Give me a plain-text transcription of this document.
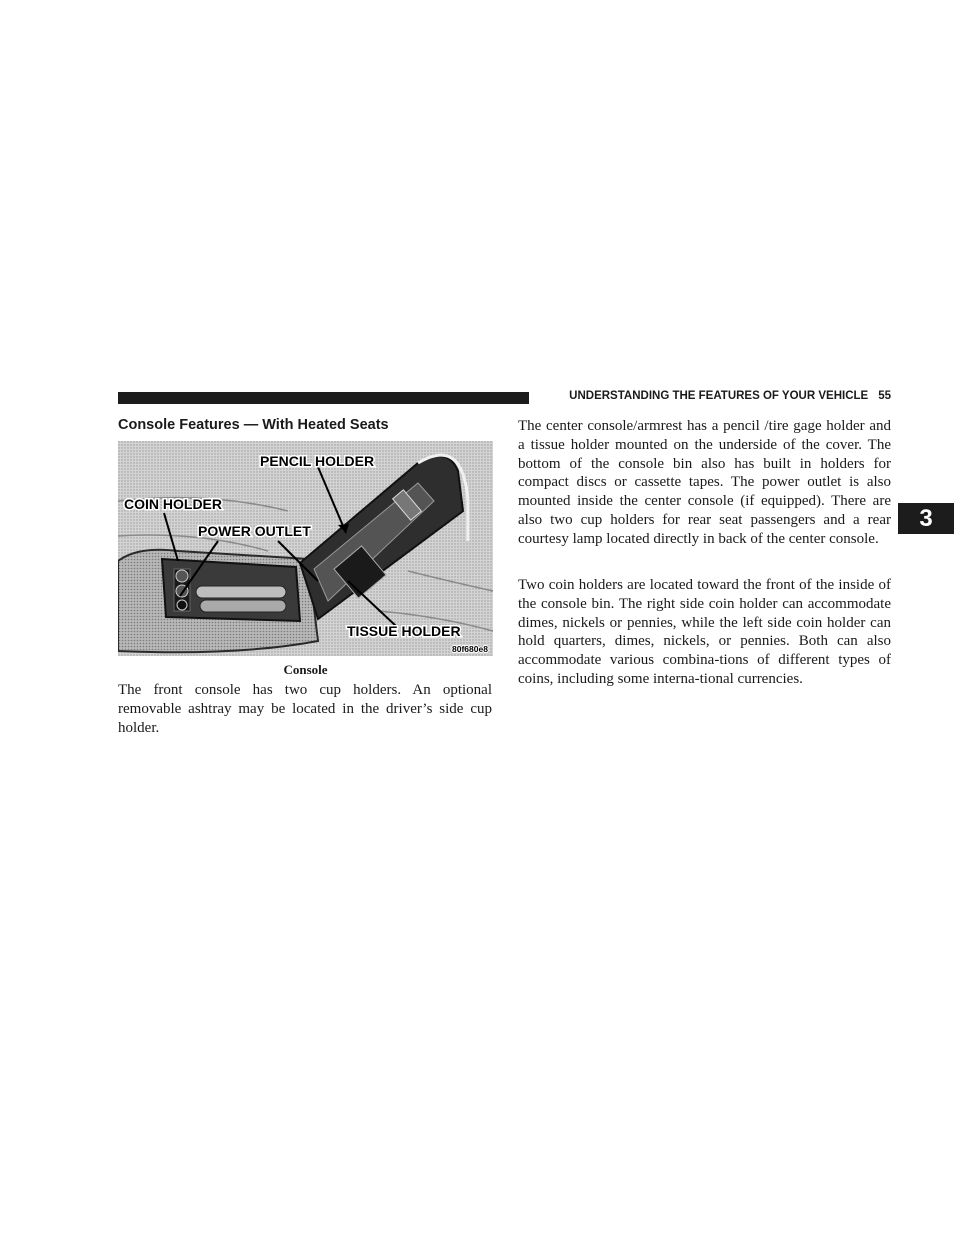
UNDERSTANDING THE FEATURES OF YOUR VEHICLE 55
3
Console Features — With Heated Seats
PENCIL HOLDER
COIN HOLDER
POWER OUTLET
TISSUE HOLDER
80f680e8
Console

The front console has two cup holders. An optional removable ashtray may be located in the driver’s side cup holder.

The center console/armrest has a pencil /tire gage holder and a tissue holder mounted on the underside of the cover. The bottom of the console bin also has built in holders for compact discs or cassette tapes. The power outlet is also mounted inside the center console (if equipped). There are also two cup holders for rear seat passengers and a rear courtesy lamp located directly in back of the center console.

Two coin holders are located toward the front of the inside of the console bin. The right side coin holder can accommodate dimes, nickels or pennies, while the left side coin holder can hold quarters, dimes, nickels, or pennies. Both can also accommodate various combina-tions of different types of coins, including some interna-tional currencies.
